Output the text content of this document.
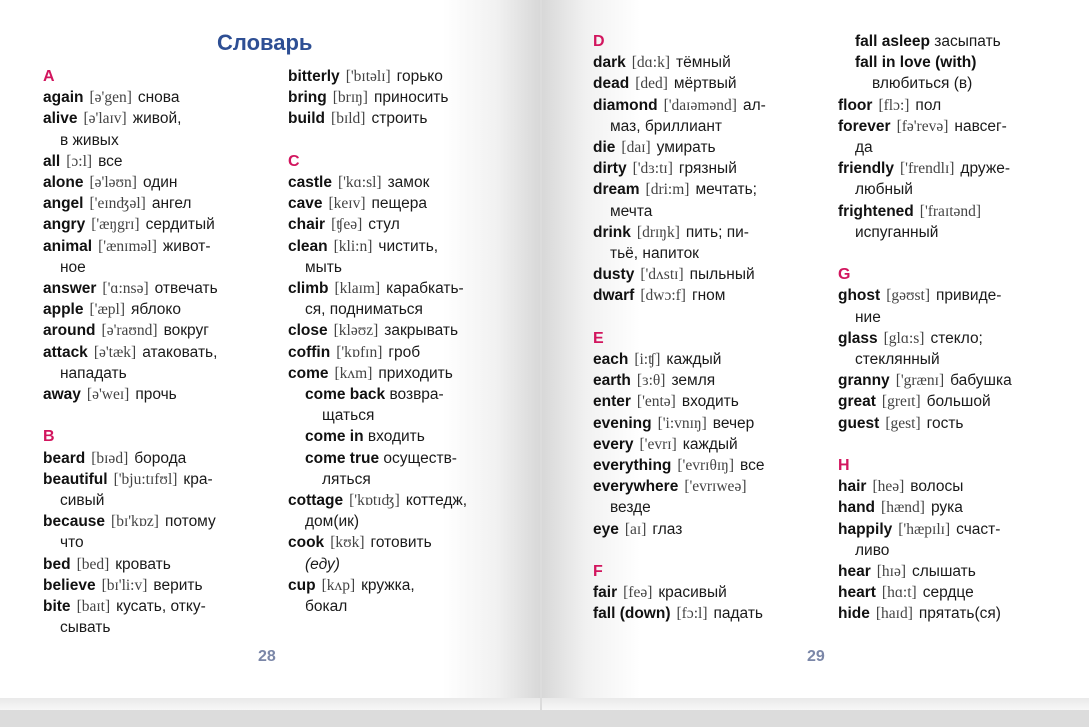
Словарь
A
again [ə'gen] снова
alive [ə'laɪv] живой,
в живых
all [ɔ:l] все
alone [ə'ləʊn] один
angel ['eɪnʤəl] ангел
angry ['æŋgrɪ] сердитый
animal ['ænɪməl] живот-
ное
answer ['ɑ:nsə] отвечать
apple ['æpl] яблоко
around [ə'raʊnd] вокруг
attack [ə'tæk] атаковать,
нападать
away [ə'weɪ] прочь
B
beard [bɪəd] борода
beautiful ['bju:tɪfʊl] кра-
сивый
because [bɪ'kɒz] потому
что
bed [bed] кровать
believe [bɪ'li:v] верить
bite [baɪt] кусать, отку-
сывать
bitterly ['bɪtəlɪ] горько
bring [brɪŋ] приносить
build [bɪld] строить
C
castle ['kɑ:sl] замок
cave [keɪv] пещера
chair [ʧeə] стул
clean [kli:n] чистить,
мыть
climb [klaɪm] карабкать-
ся, подниматься
close [kləʊz] закрывать
coffin ['kɒfɪn] гроб
come [kʌm] приходить
come back возвра-
щаться
come in входить
come true осуществ-
ляться
cottage ['kɒtɪʤ] коттедж,
дом(ик)
cook [kʊk] готовить
(еду)
cup [kʌp] кружка,
бокал
28
D
dark [dɑ:k] тёмный
dead [ded] мёртвый
diamond ['daɪəmənd] ал-
маз, бриллиант
die [daɪ] умирать
dirty ['dɜ:tɪ] грязный
dream [dri:m] мечтать;
мечта
drink [drɪŋk] пить; пи-
тьё, напиток
dusty ['dʌstɪ] пыльный
dwarf [dwɔ:f] гном
E
each [i:ʧ] каждый
earth [ɜ:θ] земля
enter ['entə] входить
evening ['i:vnɪŋ] вечер
every ['evrɪ] каждый
everything ['evrɪθɪŋ] все
everywhere ['evrɪweə]
везде
eye [aɪ] глаз
F
fair [feə] красивый
fall (down) [fɔ:l] падать
fall asleep засыпать
fall in love (with)
влюбиться (в)
floor [flɔ:] пол
forever [fə'revə] навсег-
да
friendly ['frendlɪ] друже-
любный
frightened ['fraɪtənd]
испуганный
G
ghost [gəʊst] привиде-
ние
glass [glɑ:s] стекло;
стеклянный
granny ['grænɪ] бабушка
great [greɪt] большой
guest [gest] гость
H
hair [heə] волосы
hand [hænd] рука
happily ['hæpɪlɪ] счаст-
ливо
hear [hɪə] слышать
heart [hɑ:t] сердце
hide [haɪd] прятать(ся)
29
